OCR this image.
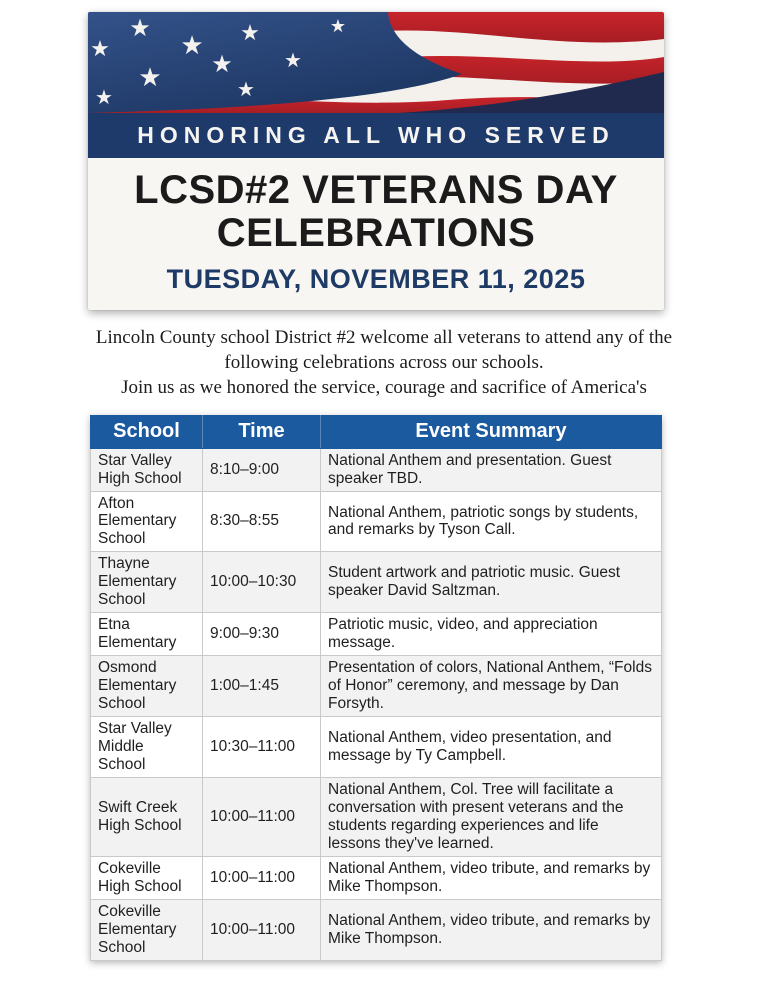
★	★	★
★
★	★
★
★	★
★
HONORING ALL WHO SERVED
LCSD#2 VETERANS DAY
CELEBRATIONS
TUESDAY, NOVEMBER 11, 2025

Lincoln County school District #2 welcome all veterans to attend any of the following celebrations across our schools.

Join us as we honored the service, courage and sacrifice of America's

School	Time	Event Summary
Star Valley High School	8:10–9:00	National Anthem and presentation. Guest speaker TBD.
Afton Elementary School	8:30–8:55	National Anthem, patriotic songs by students, and remarks by Tyson Call.
Thayne Elementary School	10:00–10:30	Student artwork and patriotic music. Guest speaker David Saltzman.
Etna Elementary	9:00–9:30	Patriotic music, video, and appreciation message.
Osmond Elementary School	1:00–1:45	Presentation of colors, National Anthem, “Folds of Honor” ceremony, and message by Dan Forsyth.
Star Valley Middle School	10:30–11:00	National Anthem, video presentation, and message by Ty Campbell.
Swift Creek High School	10:00–11:00	National Anthem, Col. Tree will facilitate a conversation with present veterans and the students regarding experiences and life lessons they've learned.
Cokeville High School	10:00–11:00	National Anthem, video tribute, and remarks by Mike Thompson.
Cokeville Elementary School	10:00–11:00	National Anthem, video tribute, and remarks by Mike Thompson.
